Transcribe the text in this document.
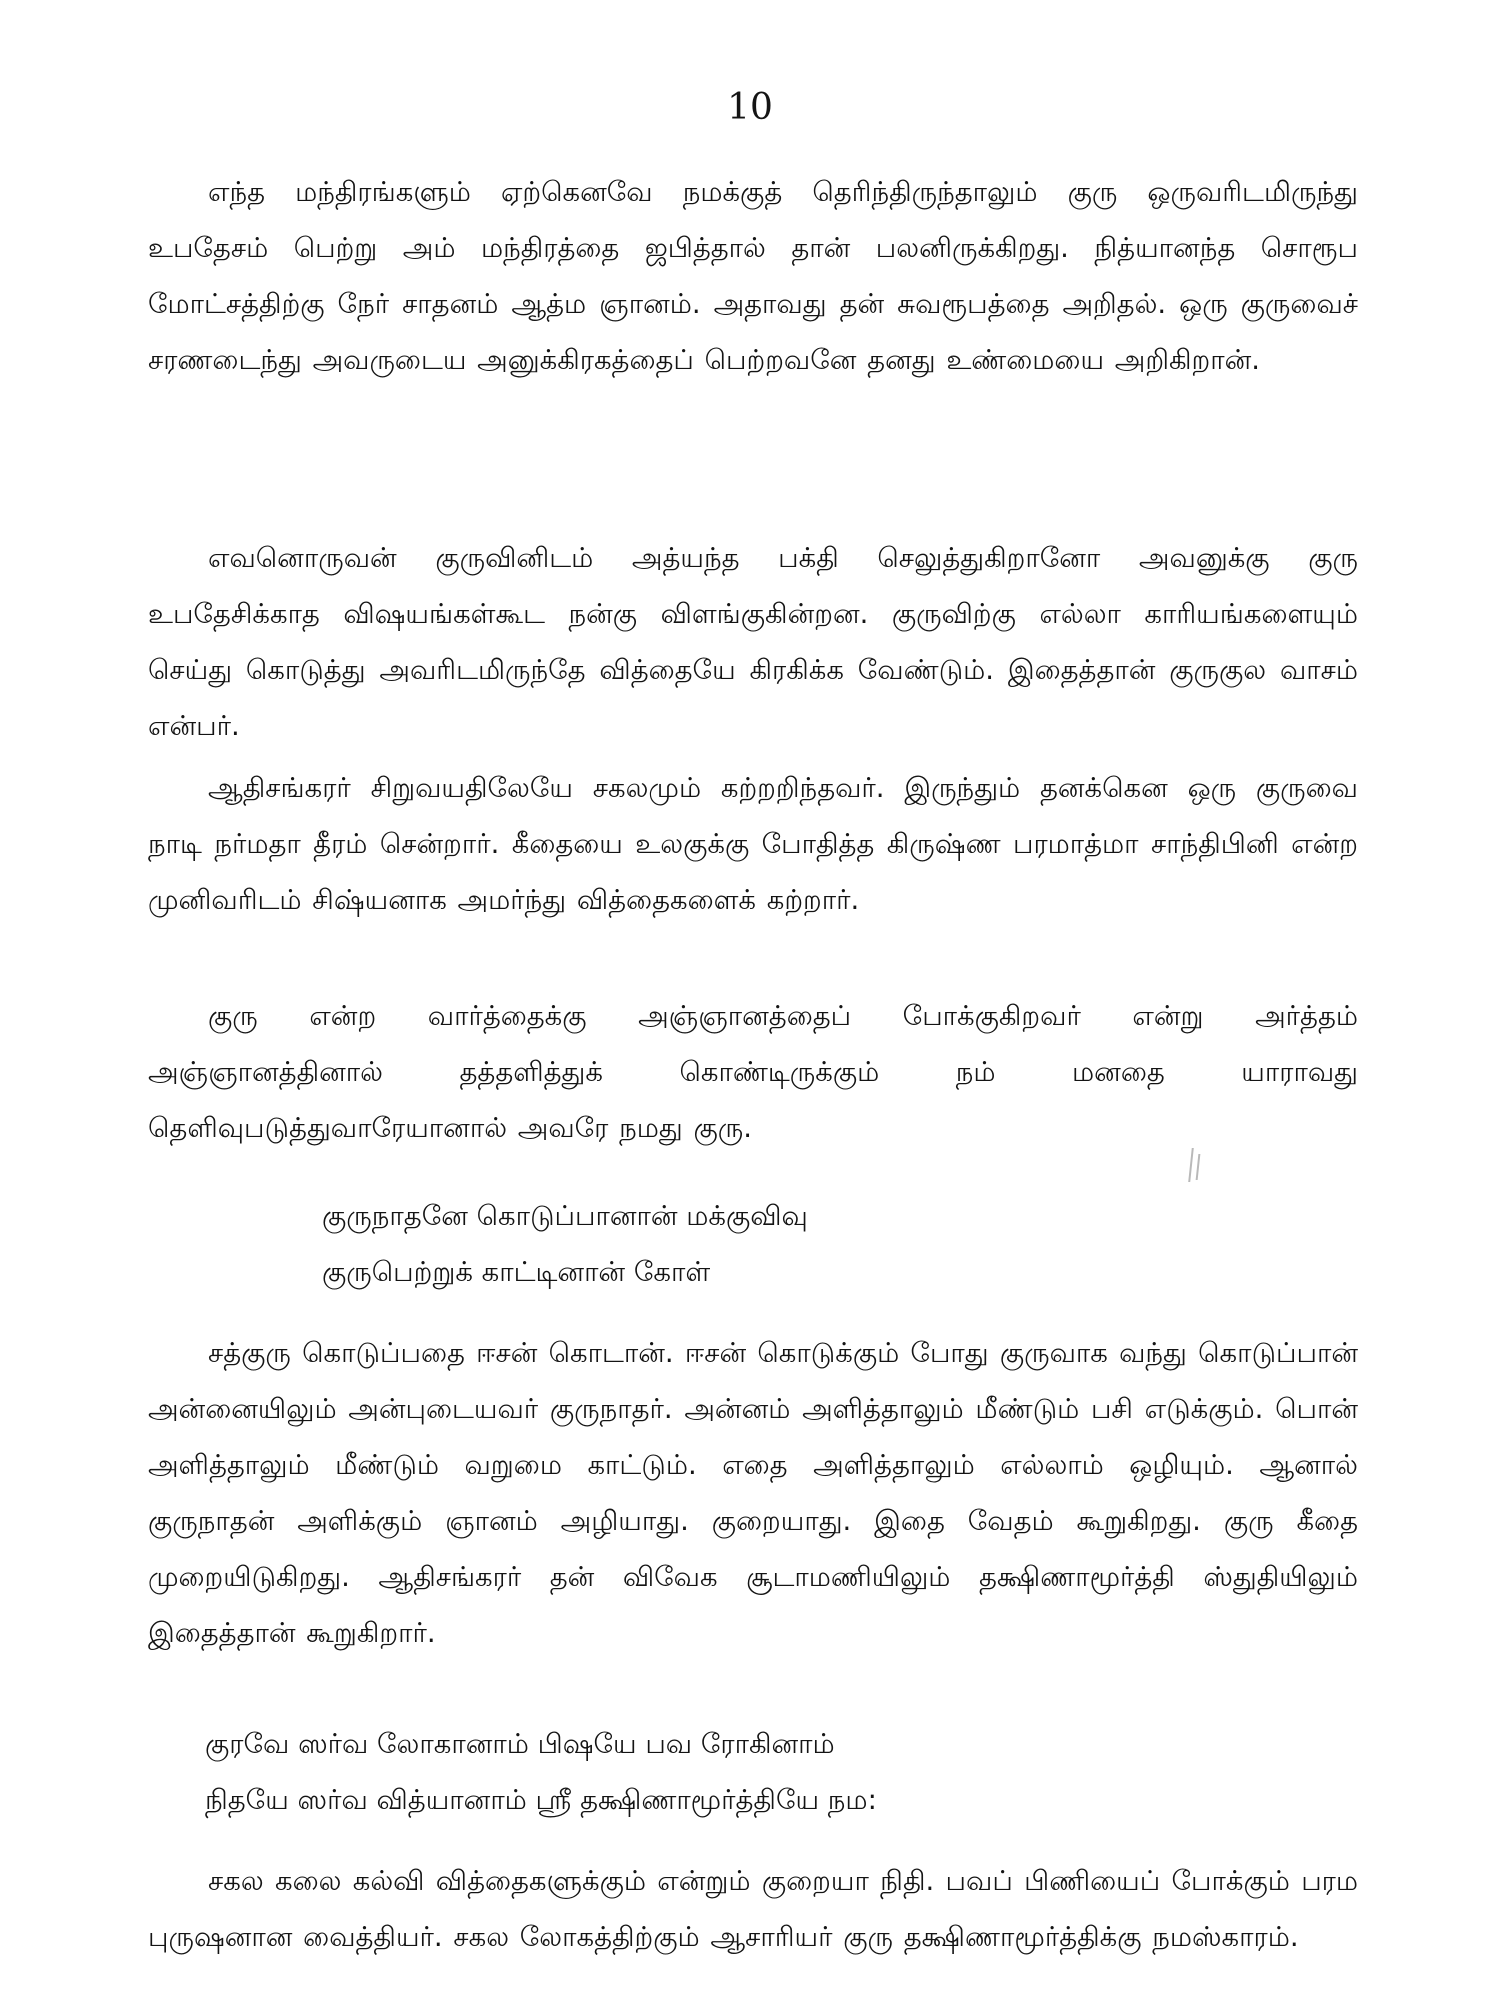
10

எந்த மந்திரங்களும் ஏற்கெனவே நமக்குத் தெரிந்திருந்தாலும் குரு ஒருவரிடமிருந்து உபதேசம் பெற்று அம் மந்திரத்தை ஜபித்தால் தான் பலனிருக்கிறது. நித்யானந்த சொரூப மோட்சத்திற்கு நேர் சாதனம் ஆத்ம ஞானம். அதாவது தன் சுவரூபத்தை அறிதல். ஒரு குருவைச் சரணடைந்து அவருடைய அனுக்கிரகத்தைப் பெற்றவனே தனது உண்மையை அறிகிறான்.

எவனொருவன் குருவினிடம் அத்யந்த பக்தி செலுத்துகிறானோ அவனுக்கு குரு உபதேசிக்காத விஷயங்கள்கூட நன்கு விளங்குகின்றன. குருவிற்கு எல்லா காரியங்களையும் செய்து கொடுத்து அவரிடமிருந்தே வித்தையே கிரகிக்க வேண்டும். இதைத்தான் குருகுல வாசம் என்பர்.

ஆதிசங்கரர் சிறுவயதிலேயே சகலமும் கற்றறிந்தவர். இருந்தும் தனக்கென ஒரு குருவை நாடி நர்மதா தீரம் சென்றார். கீதையை உலகுக்கு போதித்த கிருஷ்ண பரமாத்மா சாந்திபினி என்ற முனிவரிடம் சிஷ்யனாக அமர்ந்து வித்தைகளைக் கற்றார்.

குரு என்ற வார்த்தைக்கு அஞ்ஞானத்தைப் போக்குகிறவர் என்று அர்த்தம் அஞ்ஞானத்தினால் தத்தளித்துக் கொண்டிருக்கும் நம் மனதை யாராவது தெளிவுபடுத்துவாரேயானால் அவரே நமது குரு.

குருநாதனே கொடுப்பானான் மக்குவிவு
குருபெற்றுக் காட்டினான் கோள்

சத்குரு கொடுப்பதை ஈசன் கொடான். ஈசன் கொடுக்கும் போது குருவாக வந்து கொடுப்பான் அன்னையிலும் அன்புடையவர் குருநாதர். அன்னம் அளித்தாலும் மீண்டும் பசி எடுக்கும். பொன் அளித்தாலும் மீண்டும் வறுமை காட்டும். எதை அளித்தாலும் எல்லாம் ஒழியும். ஆனால் குருநாதன் அளிக்கும் ஞானம் அழியாது. குறையாது. இதை வேதம் கூறுகிறது. குரு கீதை முறையிடுகிறது. ஆதிசங்கரர் தன் விவேக சூடாமணியிலும் தக்ஷிணாமூர்த்தி ஸ்துதியிலும் இதைத்தான் கூறுகிறார்.

குரவே ஸர்வ லோகானாம் பிஷயே பவ ரோகினாம்
நிதயே ஸர்வ வித்யானாம் ஸ்ரீ தக்ஷிணாமூர்த்தியே நம:

சகல கலை கல்வி வித்தைகளுக்கும் என்றும் குறையா நிதி. பவப் பிணியைப் போக்கும் பரம புருஷனான வைத்தியர். சகல லோகத்திற்கும் ஆசாரியர் குரு தக்ஷிணாமூர்த்திக்கு நமஸ்காரம்.
